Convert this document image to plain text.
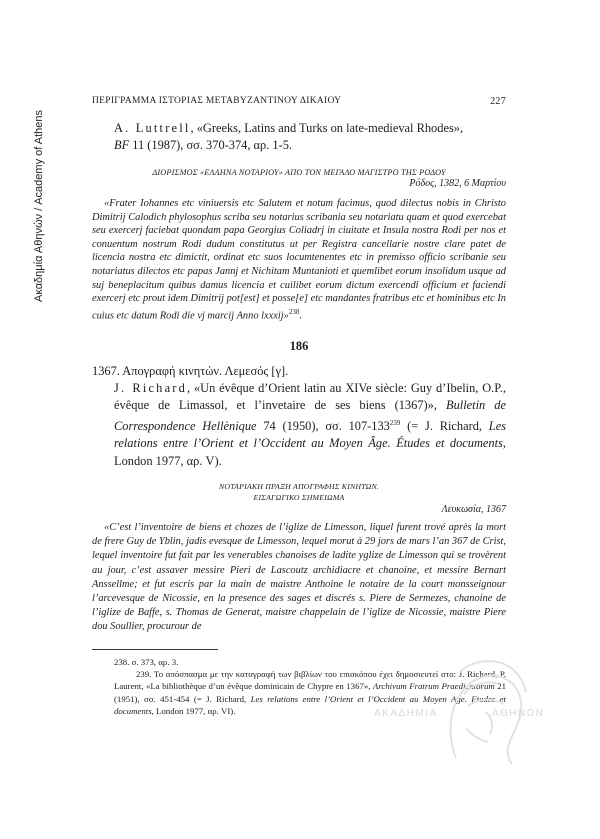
Ακαδημία Αθηνών / Academy of Athens
ΠΕΡΙΓΡΑΜΜΑ ΙΣΤΟΡΙΑΣ ΜΕΤΑΒΥΖΑΝΤΙΝΟΥ ΔΙΚΑΙΟΥ	227

A. Luttrell, «Greeks, Latins and Turks on late-medieval Rhodes»,
BF 11 (1987), σσ. 370-374, αρ. 1-5.

ΔΙΟΡΙΣΜΟΣ «ΕΛΛΗΝΑ ΝΟΤΑΡΙΟΥ» ΑΠΟ ΤΟΝ ΜΕΓΑΛΟ ΜΑΓΙΣΤΡΟ ΤΗΣ ΡΟΔΟΥ
Ρόδος, 1382, 6 Μαρτίου
«Frater Iohannes etc viniuersis etc Salutem et notum facimus, quod dilectus nobis in Christo Dimitrij Calodich phylosophus scriba seu notarius scribania seu notariatu quam et quod exercebat seu exercerj faciebat quondam papa Georgius Coliadrj in ciuitate et Insula nostra Rodi per nos et conuentum nostrum Rodi dudum constitutus ut per Registra cancellarie nostre clare patet de licencia nostra etc dimictit, ordinat etc suos locumtenentes etc in premisso officio scribanie seu notariatus dilectos etc papas Jannj et Nichitam Muntanioti et quemlibet eorum insolidum usque ad suj beneplacitum quibus damus licencia et cuilibet eorum dictum exercendi officium et faciendi exercerj etc prout idem Dimitrij pot[est] et posse[e] etc mandantes fratribus etc et hominibus etc In cuius etc datum Rodi die vj marcij Anno lxxxij»$^{238}$.
186
1367. Απογραφή κινητών. Λεμεσός [γ].
J. Richard, «Un évêque d’Orient latin au XIVe siècle: Guy d’Ibelin, O.P., évêque de Limassol, et l’invetaire de ses biens (1367)», Bulletin de Correspondence Hellènique 74 (1950), σσ. $107-133^{239}$ (= J. Richard, Les relations entre l’Orient et l’Occident au Moyen Âge. Études et documents, London 1977, αρ. V).
ΝΟΤΑΡΙΑΚΗ ΠΡΑΞΗ ΑΠΟΓΡΑΦΗΣ ΚΙΝΗΤΩΝ.
ΕΙΣΑΓΩΓΙΚΟ ΣΗΜΕΙΩΜΑ
Λευκωσία, 1367
«C’est l’inventoire de biens et chozes de l’iglize de Limesson, liquel furent trové après la mort de frere Guy de Yblin, jadis evesque de Limesson, lequel morut à 29 jors de mars l’an 367 de Crist, lequel inventoire fut fait par les venerables chanoises de ladite yglize de Limesson qui se trovèrent au jour, c’est assaver messire Pieri de Lascoutz archidiacre et chanoine, et messire Bernart Anssellme; et fut escris par la main de maistre Anthoine le notaire de la court monsseignour l’arcevesque de Nicossie, en la presence des sages et discrés s. Piere de Sermezes, chanoine de l’iglize de Baffe, s. Thomas de Generat, maistre chappelain de l’iglize de Nicossie, maistre Piere dou Soullier, procurour de
238. σ. 373, αρ. 3.
239. Το απόσπασμα με την καταγραφή των βιβλίων του επισκόπου έχει δημοσιευτεί στο: J. Richard, P. Laurent, «La bibliothèque d’un évêque dominicain de Chypre en 1367», Archivum Fratrum Praedicatorum 21 (1951), σσ. 451-454 (= J. Richard, Les relations entre l’Orient et l’Occident au Moyen Age. Etudes et documents, London 1977, αρ. VI).	ΑΚΑΔΗΜΙΑ	ΑΘΗΝΩΝ
